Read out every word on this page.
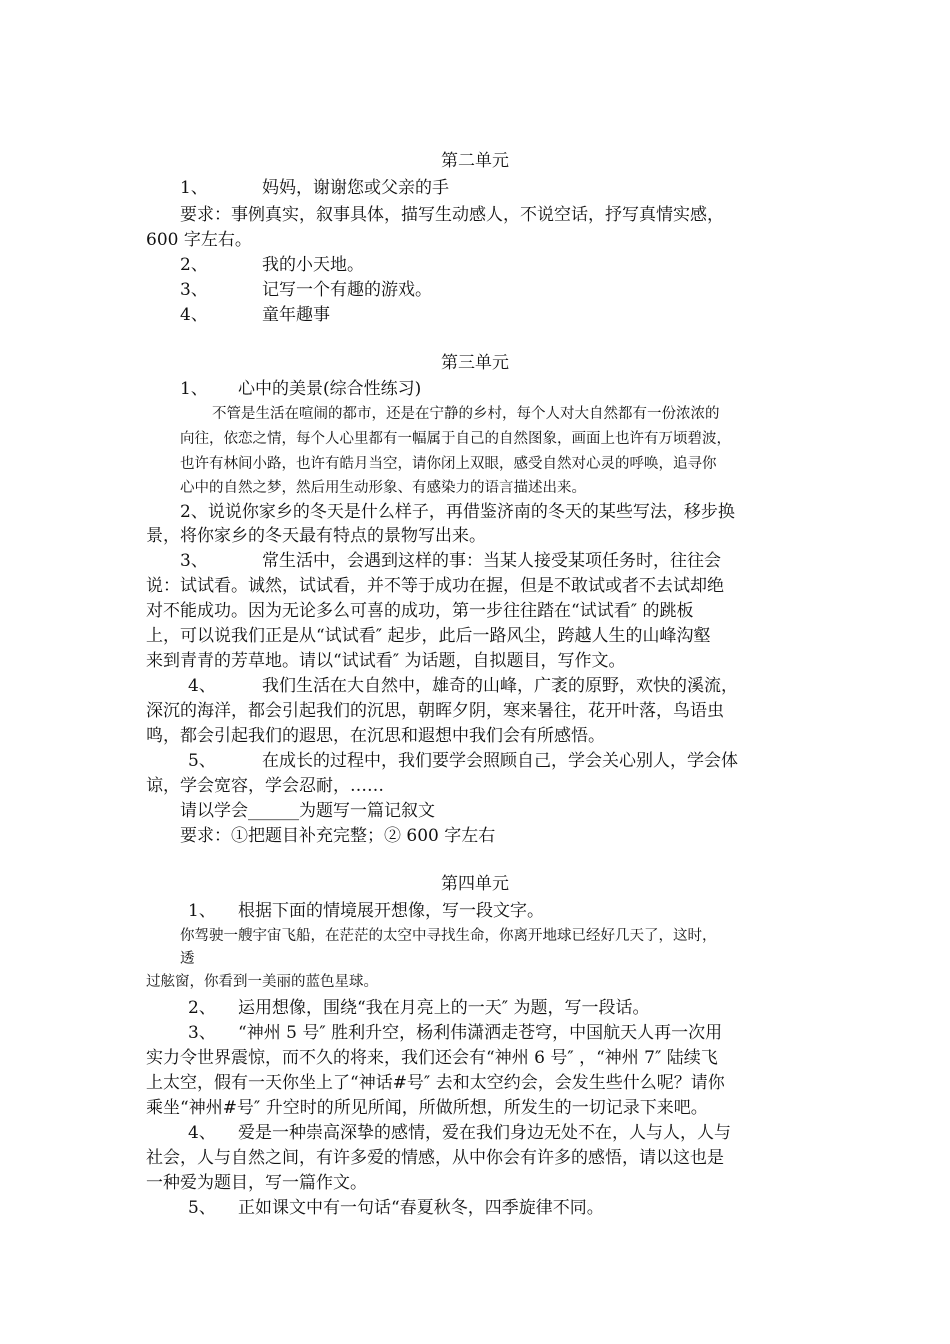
第二单元
1、	妈妈，谢谢您或父亲的手
要求：事例真实，叙事具体，描写生动感人，不说空话，抒写真情实感，
600 字左右。
2、	我的小天地。
3、	记写一个有趣的游戏。
4、	童年趣事
第三单元
1、 心中的美景(综合性练习)
不管是生活在喧闹的都市，还是在宁静的乡村，每个人对大自然都有一份浓浓的
向往，依恋之情，每个人心里都有一幅属于自己的自然图象，画面上也许有万顷碧波，
也许有林间小路，也许有皓月当空，请你闭上双眼，感受自然对心灵的呼唤，追寻你
心中的自然之梦，然后用生动形象、有感染力的语言描述出来。
2、说说你家乡的冬天是什么样子，再借鉴济南的冬天的某些写法，移步换
景，将你家乡的冬天最有特点的景物写出来。
3、	常生活中，会遇到这样的事：当某人接受某项任务时，往往会
说：试试看。诚然，试试看，并不等于成功在握，但是不敢试或者不去试却绝
对不能成功。因为无论多么可喜的成功，第一步往往踏在“试试看″ 的跳板
上，可以说我们正是从“试试看″ 起步，此后一路风尘，跨越人生的山峰沟壑
来到青青的芳草地。请以“试试看″ 为话题，自拟题目，写作文。
4、	我们生活在大自然中，雄奇的山峰，广袤的原野，欢快的溪流，
深沉的海洋，都会引起我们的沉思，朝晖夕阴，寒来暑往，花开叶落，鸟语虫
鸣，都会引起我们的遐思，在沉思和遐想中我们会有所感悟。
5、	在成长的过程中，我们要学会照顾自己，学会关心别人，学会体
谅，学会宽容，学会忍耐，……
请以学会______为题写一篇记叙文
要求：①把题目补充完整；② 600 字左右
第四单元
1、 根据下面的情境展开想像，写一段文字。
你驾驶一艘宇宙飞船，在茫茫的太空中寻找生命，你离开地球已经好几天了，这时，
透
过舷窗，你看到一美丽的蓝色星球。
2、 运用想像，围绕“我在月亮上的一天″ 为题，写一段话。
3、 “神州 5 号″ 胜利升空，杨利伟潇洒走苍穹，中国航天人再一次用
实力令世界震惊，而不久的将来，我们还会有“神州 6 号″ ，“神州 7″ 陆续飞
上太空，假有一天你坐上了“神话#号″ 去和太空约会，会发生些什么呢？请你
乘坐“神州#号″ 升空时的所见所闻，所做所想，所发生的一切记录下来吧。
4、 爱是一种崇高深挚的感情，爱在我们身边无处不在，人与人，人与
社会，人与自然之间，有许多爱的情感，从中你会有许多的感悟，请以这也是
一种爱为题目，写一篇作文。
5、 正如课文中有一句话“春夏秋冬，四季旋律不同。
